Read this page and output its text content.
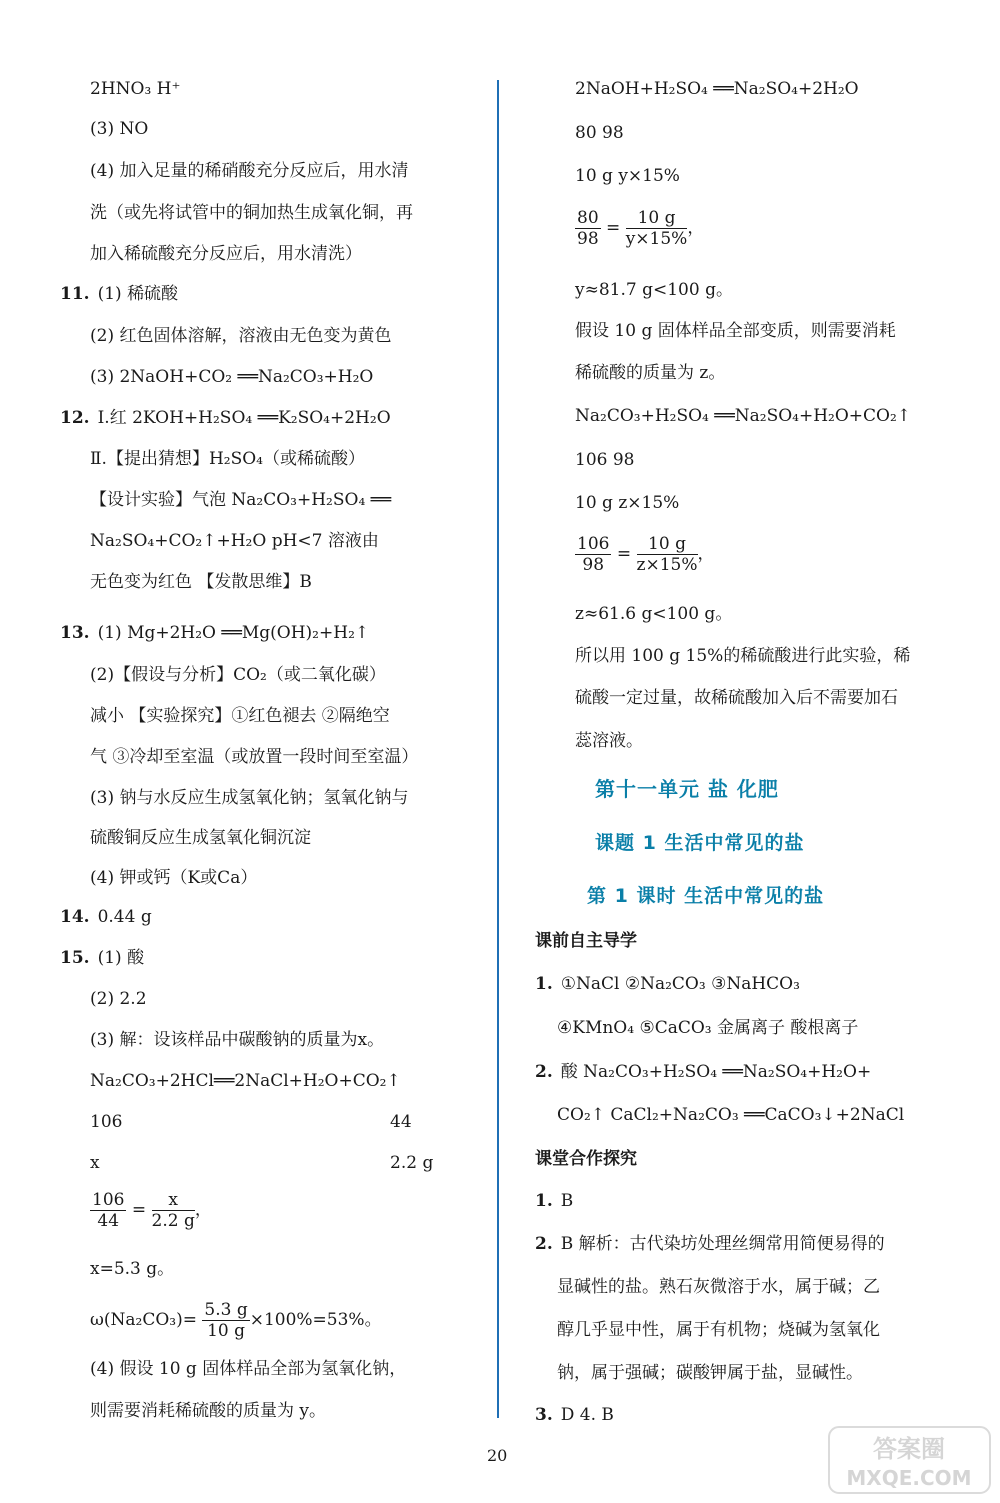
2HNO₃ H⁺
(3) NO
(4) 加入足量的稀硝酸充分反应后，用水清
洗（或先将试管中的铜加热生成氧化铜，再
加入稀硫酸充分反应后，用水清洗）
11. (1) 稀硫酸
(2) 红色固体溶解，溶液由无色变为黄色
(3) 2NaOH+CO₂ ══Na₂CO₃+H₂O
12. Ⅰ.红 2KOH+H₂SO₄ ══K₂SO₄+2H₂O
Ⅱ.【提出猜想】H₂SO₄（或稀硫酸）
【设计实验】气泡 Na₂CO₃+H₂SO₄ ══
Na₂SO₄+CO₂↑+H₂O pH<7 溶液由
无色变为红色 【发散思维】B
13. (1) Mg+2H₂O ══Mg(OH)₂+H₂↑
(2)【假设与分析】CO₂（或二氧化碳）
减小 【实验探究】①红色褪去 ②隔绝空
气 ③冷却至室温（或放置一段时间至室温）
(3) 钠与水反应生成氢氧化钠；氢氧化钠与
硫酸铜反应生成氢氧化铜沉淀
(4) 钾或钙（K或Ca）
14. 0.44 g
15. (1) 酸
(2) 2.2
(3) 解：设该样品中碳酸钠的质量为x。
Na₂CO₃+2HCl══2NaCl+H₂O+CO₂↑
106	44
x	2.2 g
x=5.3 g。
(4) 假设 10 g 固体样品全部为氢氧化钠，
则需要消耗稀硫酸的质量为 y。
2NaOH+H₂SO₄ ══Na₂SO₄+2H₂O
80 98
10 g y×15%
y≈81.7 g<100 g。
假设 10 g 固体样品全部变质，则需要消耗
稀硫酸的质量为 z。
Na₂CO₃+H₂SO₄ ══Na₂SO₄+H₂O+CO₂↑
106 98
10 g z×15%
z≈61.6 g<100 g。
所以用 100 g 15%的稀硫酸进行此实验，稀
硫酸一定过量，故稀硫酸加入后不需要加石
蕊溶液。
课前自主导学
1. ①NaCl ②Na₂CO₃ ③NaHCO₃
④KMnO₄ ⑤CaCO₃ 金属离子 酸根离子
2. 酸 Na₂CO₃+H₂SO₄ ══Na₂SO₄+H₂O+
CO₂↑ CaCl₂+Na₂CO₃ ══CaCO₃↓+2NaCl
课堂合作探究
1. B
2. B 解析：古代染坊处理丝绸常用简便易得的
显碱性的盐。熟石灰微溶于水，属于碱；乙
醇几乎显中性，属于有机物；烧碱为氢氧化
钠，属于强碱；碳酸钾属于盐，显碱性。
3. D 4. B
$\frac{106}{44} = \frac{x}{2.2 g}$ ，
$\omega(Na_2CO_3)= \frac{5.3 g}{10 g} \times 100\%=53\%$。
$\frac{80}{98} = \frac{10 g}{y\times 15\%}$ ，
$\frac{106}{98} = \frac{10 g}{z\times 15\%}$ ，
第十一单元 盐 化肥
课题 1 生活中常见的盐
第 1 课时 生活中常见的盐
20	答案圈
MXQE.COM
